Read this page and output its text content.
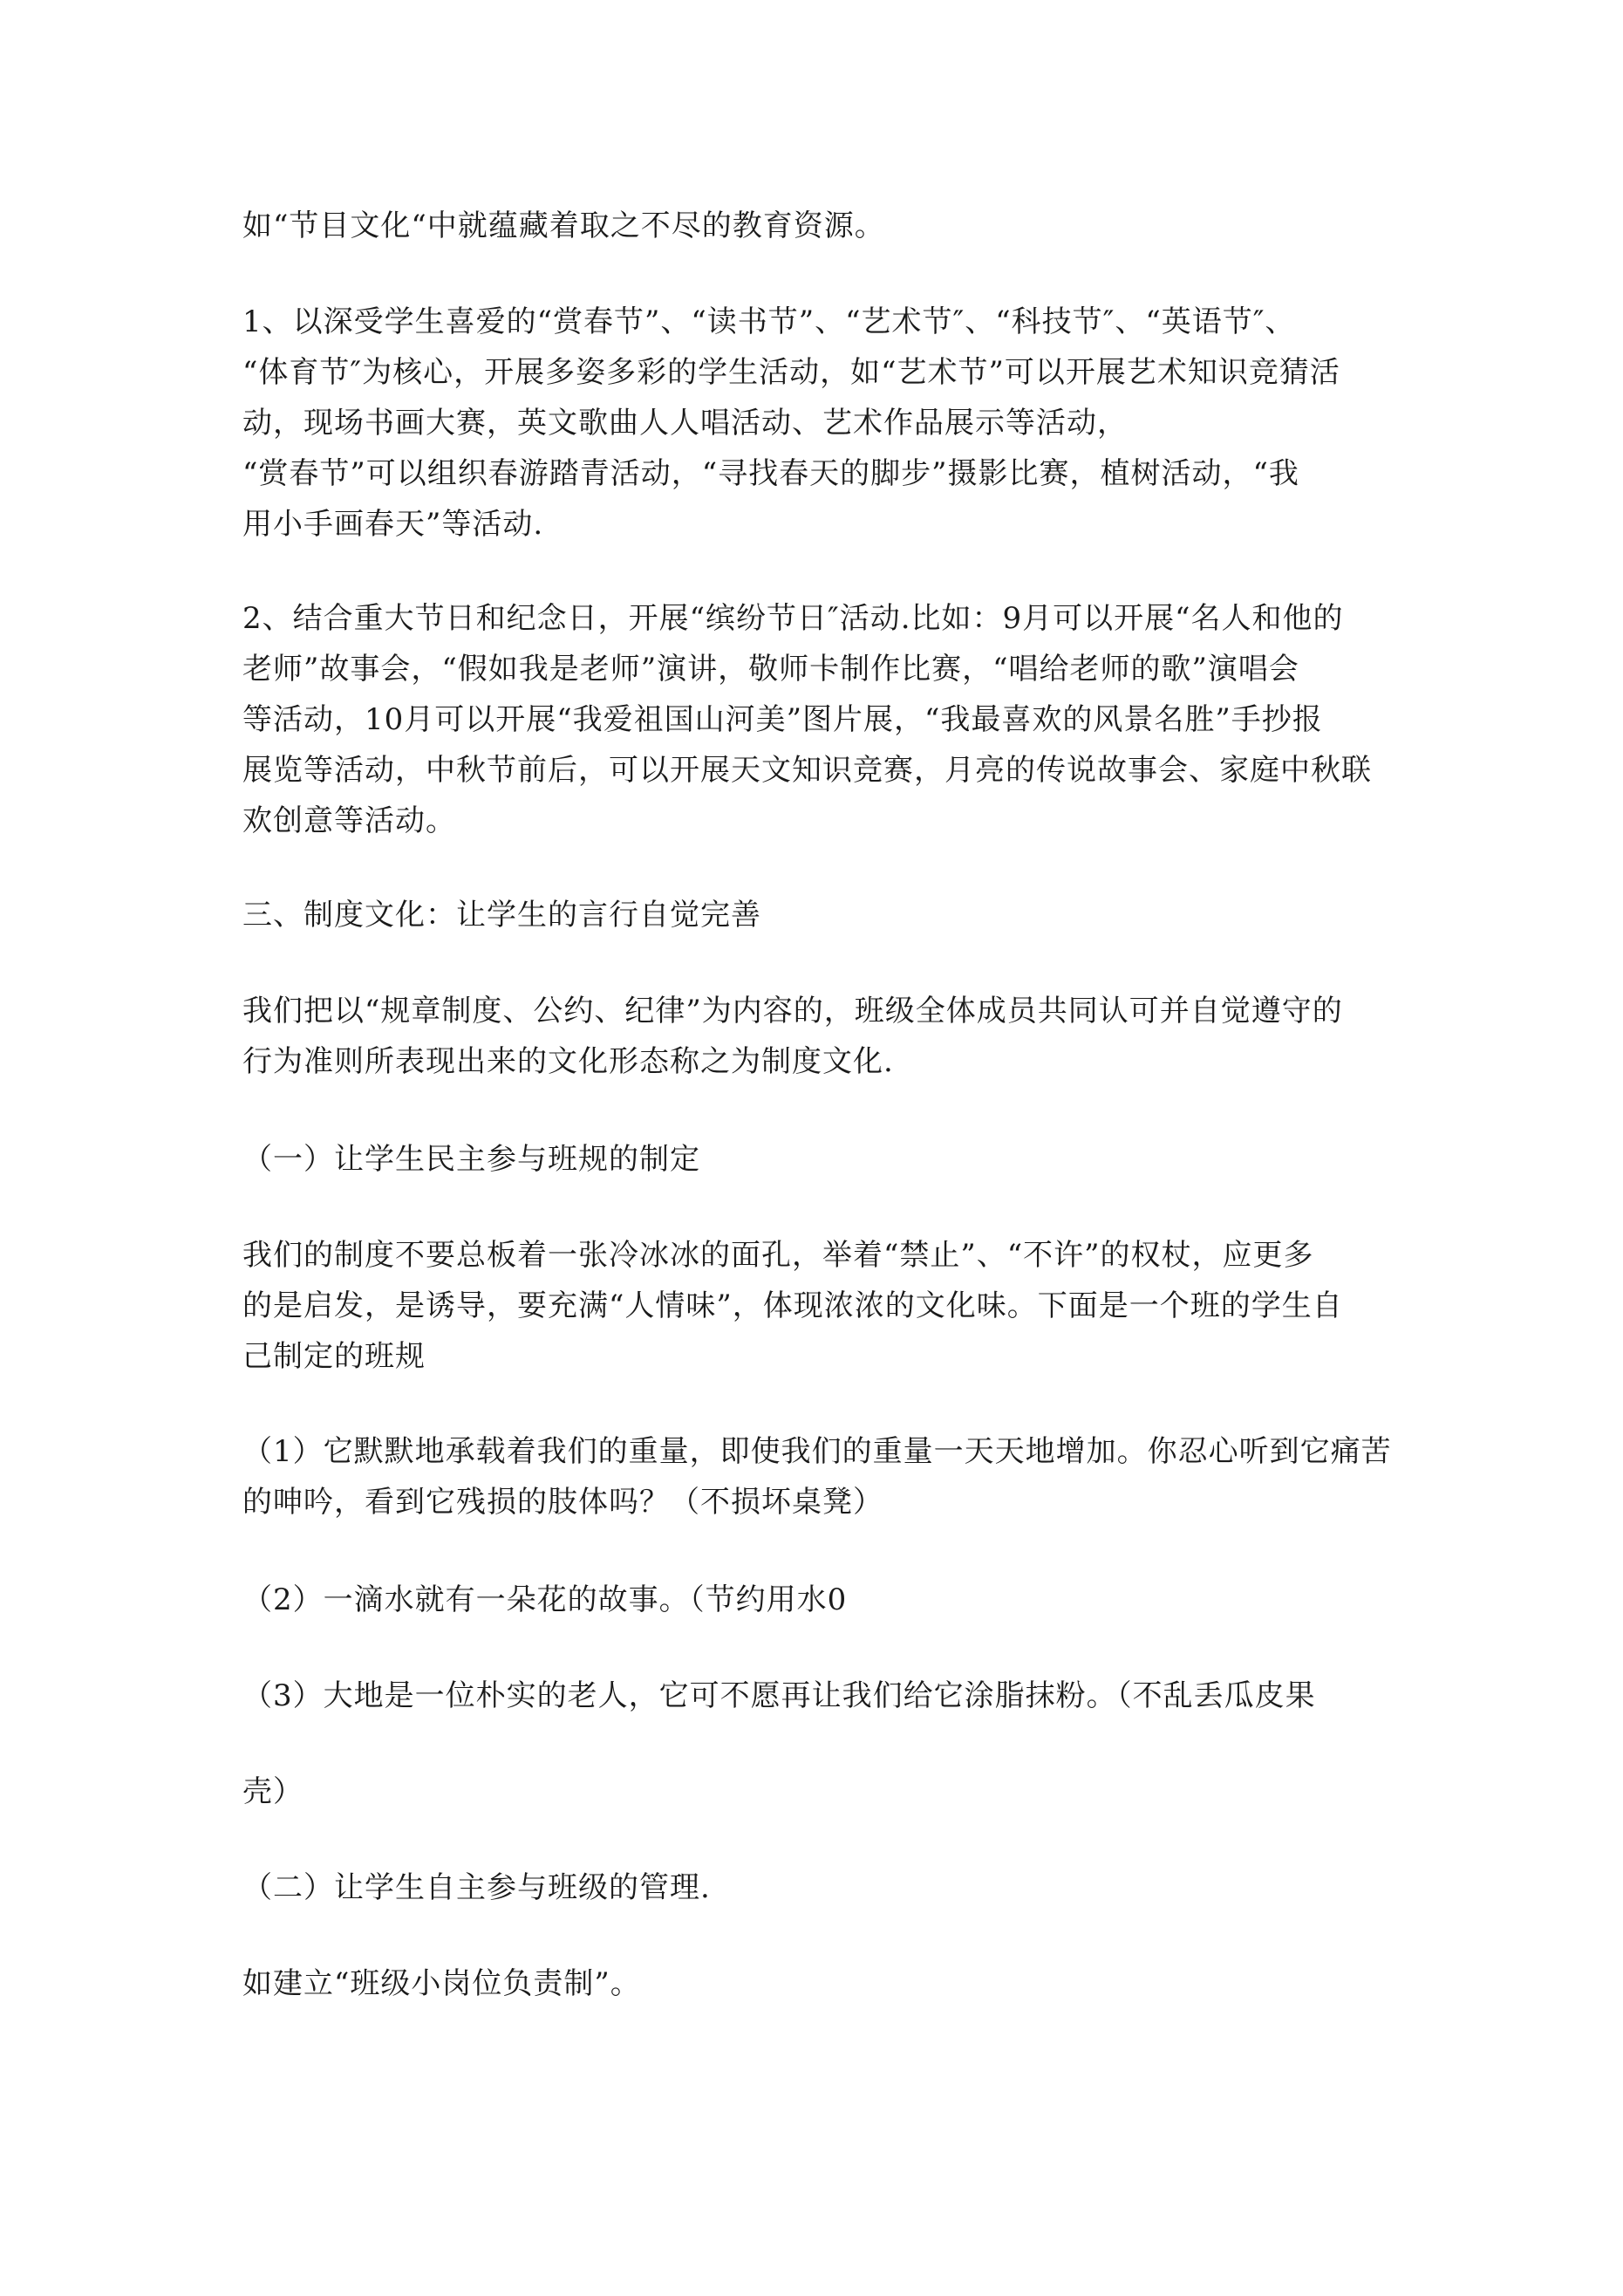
如“节目文化“中就蕴藏着取之不尽的教育资源。

1、以深受学生喜爱的“赏春节”、“读书节”、“艺术节″、“科技节″、“英语节″、
“体育节″为核心，开展多姿多彩的学生活动，如“艺术节”可以开展艺术知识竞猜活
动，现场书画大赛，英文歌曲人人唱活动、艺术作品展示等活动，
“赏春节”可以组织春游踏青活动，“寻找春天的脚步”摄影比赛，植树活动，“我
用小手画春天”等活动.

2、结合重大节日和纪念日，开展“缤纷节日″活动.比如：9月可以开展“名人和他的
老师”故事会，“假如我是老师”演讲，敬师卡制作比赛，“唱给老师的歌”演唱会
等活动，10月可以开展“我爱祖国山河美”图片展，“我最喜欢的风景名胜”手抄报
展览等活动，中秋节前后，可以开展天文知识竞赛，月亮的传说故事会、家庭中秋联
欢创意等活动。

三、制度文化：让学生的言行自觉完善

我们把以“规章制度、公约、纪律”为内容的，班级全体成员共同认可并自觉遵守的
行为准则所表现出来的文化形态称之为制度文化.

（一）让学生民主参与班规的制定

我们的制度不要总板着一张冷冰冰的面孔，举着“禁止”、“不许”的权杖，应更多
的是启发，是诱导，要充满“人情味”，体现浓浓的文化味。下面是一个班的学生自
己制定的班规

（1）它默默地承载着我们的重量，即使我们的重量一天天地增加。你忍心听到它痛苦
的呻吟，看到它残损的肢体吗？（不损坏桌凳）

（2）一滴水就有一朵花的故事。（节约用水0

（3）大地是一位朴实的老人，它可不愿再让我们给它涂脂抹粉。（不乱丢瓜皮果

壳）

（二）让学生自主参与班级的管理.

如建立“班级小岗位负责制”。
